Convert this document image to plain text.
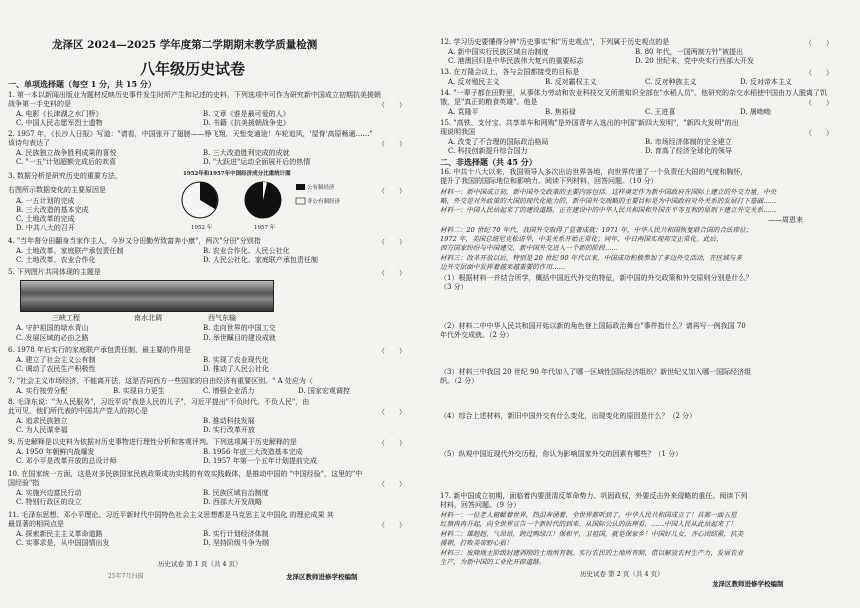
龙泽区 2024—2025 学年度第二学期期末教学质量检测
八年级历史试卷
一、单项选择题（每空 1 分，共 15 分）
1. 第一本以新闻出版业为题材反映历史事件发生时所产生和记述的史料，下列选项中可作为研究新中国成立初期抗美援朝
战争第一手史料的是	（　　）
A. 电影《长津湖之水门桥》	B. 文章《谁是最可爱的人》
C. 中国人民志愿军烈士遗物	D. 书籍《抗美援朝战争史》
2. 1957 年，《长沙人日报》写道："请看，中国张开了翅膀——铮飞翔，天堑变通途！车轮追风，'屋脊'高原畅通……"
该诗句表达了	（　　）
A. 民族独立战争胜利成果的喜悦	B. 三大改造胜利完成的成就
C. "一五"计划超额完成后的欢喜	D. "大跃进"运动全面展开后的热情
3. 数据分析是研究历史的重要方法，
右图所示数据变化的主要原因是	（　　）
1952年和1957年中国经济成分比重统计图
1952 年	1957 年
公有制经济
非公有制经济
A. 一五计划的完成
B. 三大改造的基本完成
C. 土地改革的完成
D. 中共八大的召开
4. "当年督分田翻身当家作主人，今岁又分田勤劳致富奔小康"，两次"分田"分别指	（　　）
A. 土地改革、家庭联产承包责任制	B. 农业合作化、人民公社化
C. 土地改革、农业合作化	D. 人民公社化、家庭联产承包责任制
5. 下列图片共同体现的主题是	（　　）
三峡工程	南水北调	西气东输
A. 守护祖国的绿水青山	B. 走向世界的中国工交
C. 发展区域的必由之路	D. 举世瞩目的建设成就
6. 1978 年后实行的家庭联产承包责任制，最主要的作用是	（　　）
A. 建立了社会主义公有制	B. 实现了农业现代化
C. 调动了农民生产积极性	D. 推动了人民公社化
7. "社会主义市场经济，不能离开法，这是否同西方一些国家的自由经济有重要区别。" A 处应为（
A. 实行按劳分配	B. 实现自力更生	C. 增强企业活力	D. 国家宏观调控
8. 毛泽东说："为人民服务"，习近平说"我是人民的儿子"，习近平提出"不负时代、不负人民"，由
此可见，他们所代表的中国共产党人的初心是	（　　）
A. 追求民族独立	B. 推动科技发展
C. 为人民谋幸福	D. 实行改革开放
9. 历史解释是以史料为依据对历史事物进行理性分析和客观评判。下列选项属于历史解释的是	（　　）
A. 1950 年朝鲜内战爆发	B. 1956 年底三大改造基本完成
C. 邓小平是改革开放的总设计师	D. 1957 年第一个五年计划提前完成
10. 在国家统一方面，这是对多民族国家民族政策成功实践的有效实践载体，是推动中国的 "中国经验"，这里的"中
国经验"指	（　　）
A. 实施兴边富民行动	B. 民族区域自治制度
C. 特别行政区的设立	D. 西部大开发战略
11. 毛泽东思想、邓小平理论、习近平新时代中国特色社会主义思想都是马克思主义中国化 的理论成果 其
最显著的相同点是	（　　）
A. 探索新民主主义革命道路	B. 实行计划经济体制
C. 实事求是，从中国国情出发	D. 坚持阶级斗争为纲
历史试卷 第 1 页（共 4 页）
25年7月扫描	龙泽区教师进修学校编制
12. 学习历史要懂得分辨"历史事实"和"历史观点"，下列属于历史观点的是	（　　）
A. 新中国实行民族区域自治制度	B. 80 年代，一国两制方针"被提出
C. 港澳回归是中华民族伟大复兴的重要标志	D. 20 世纪末，党中央实行西部大开发
13. 在万隆会议上，各与会国都接受的目标是	（　　）
A. 反对殖民主义	B. 反对霸权主义	C. 反对种族主义	D. 反对帝本主义
14. "一辈子都在田野里，从事体力劳动和农业科技交叉所需知识全部在"水稻人员"。他研究的杂交水稻使中国由万人脱离了饥
饿，是"真正的粮食英雄"。他是	（　　）
A. 袁隆平	B. 焦裕禄	C. 王进喜	D. 屠呦呦
15. "高铁、支付宝、共享单车和网购"是外国青年人选出的中国"新四大发明"，"新四大发明"的出
现说明我国	（　　）
A. 改变了不合理的国际政治格局	B. 市场经济体制的完全建立
C. 科技创新提升综合国力	D. 育高了经济全球化的领导
二、非选择题（共 45 分）
16. 中共十八大以来，我国领导人多次出访世界各地，向世界传递了一个负责任大国的气度和胸怀，
提升了我国的国际地位和影响力。阅读下列材料，回答问题。（10 分）
材料一：新中国成立初，新中国外交政策的主要内容包括。这样奠定作为新中国政府在国际上建立的外交力量。中央
略，外交是对外政策的大国的现代化能力的，新中国外交战略的主要目标是为中国政府对外关系的发展打下基础……
材料一：中国人民站起来了的建设道路，正在建设中的中华人民共和国和外国在平等互利的原则下建立外交关系……
——周恩来
材料二：20 世纪 70 年代，我国外交取得了显著成就：1971 年，中华人民共和国恢复联合国的合法席位；
1972 年，美国总统尼克松访华，中美关系开始正常化；同年，中日两国实现邦交正常化。此后，
西方国家纷纷与中国建交，新中国外交进入一个新的阶段……
材料三：改革开放以后，特别是 20 世纪 90 年代以来，中国成功积极参加了多边外交活动，在区域与多
边外交层面中发挥着越来越重要的作用……
（1）根据材料一并结合所学，概括中国近代外交的特征，新中国的外交政策和外交原则分别是什么？
（3 分）
（2）材料二中中华人民共和国开始以新的角色登上国际政治舞台"事件指什么？请再写一例我国 70
年代外交成就。（2 分）
（3）材料三中我国 20 世纪 90 年代加入了哪一区域性国际经济组织？新世纪又加入哪一国际经济组
织。（2 分）
（4）综合上述材料，新旧中国外交有什么变化，出现变化的原因是什么？（2 分）
（5）纵观中国近现代外交历程，你认为影响国家外交的因素有哪些？（1 分）
17. 新中国成立初期，面临着内要澄清反革命势力、巩固政权，外要反击外来侵略的重任。阅读下列
材料，回答问题。（9 分）
材料一：一位老人俯瞰着世界，热泪奔涌着，全世界都听到了，中华人民共和国成立了！首都一面五星
红旗冉冉升起，向全世界宣告一个新时代的到来。从国际公认的法理看，……中国人民从此站起来了！
材料二：雄赳赳，气昂昂，跨过鸭绿江！保和平，卫祖国，就是保家乡！中国好儿女，齐心团结紧，抗美
援朝，打败美帝野心狼！
材料三：废除地主阶级封建剥削的土地所有制，实行农民的土地所有制，借以解放农村生产力，发展农业
生产，为新中国的工业化开辟道路。
历史试卷 第 2 页（共 4 页）
龙泽区教师进修学校编制
